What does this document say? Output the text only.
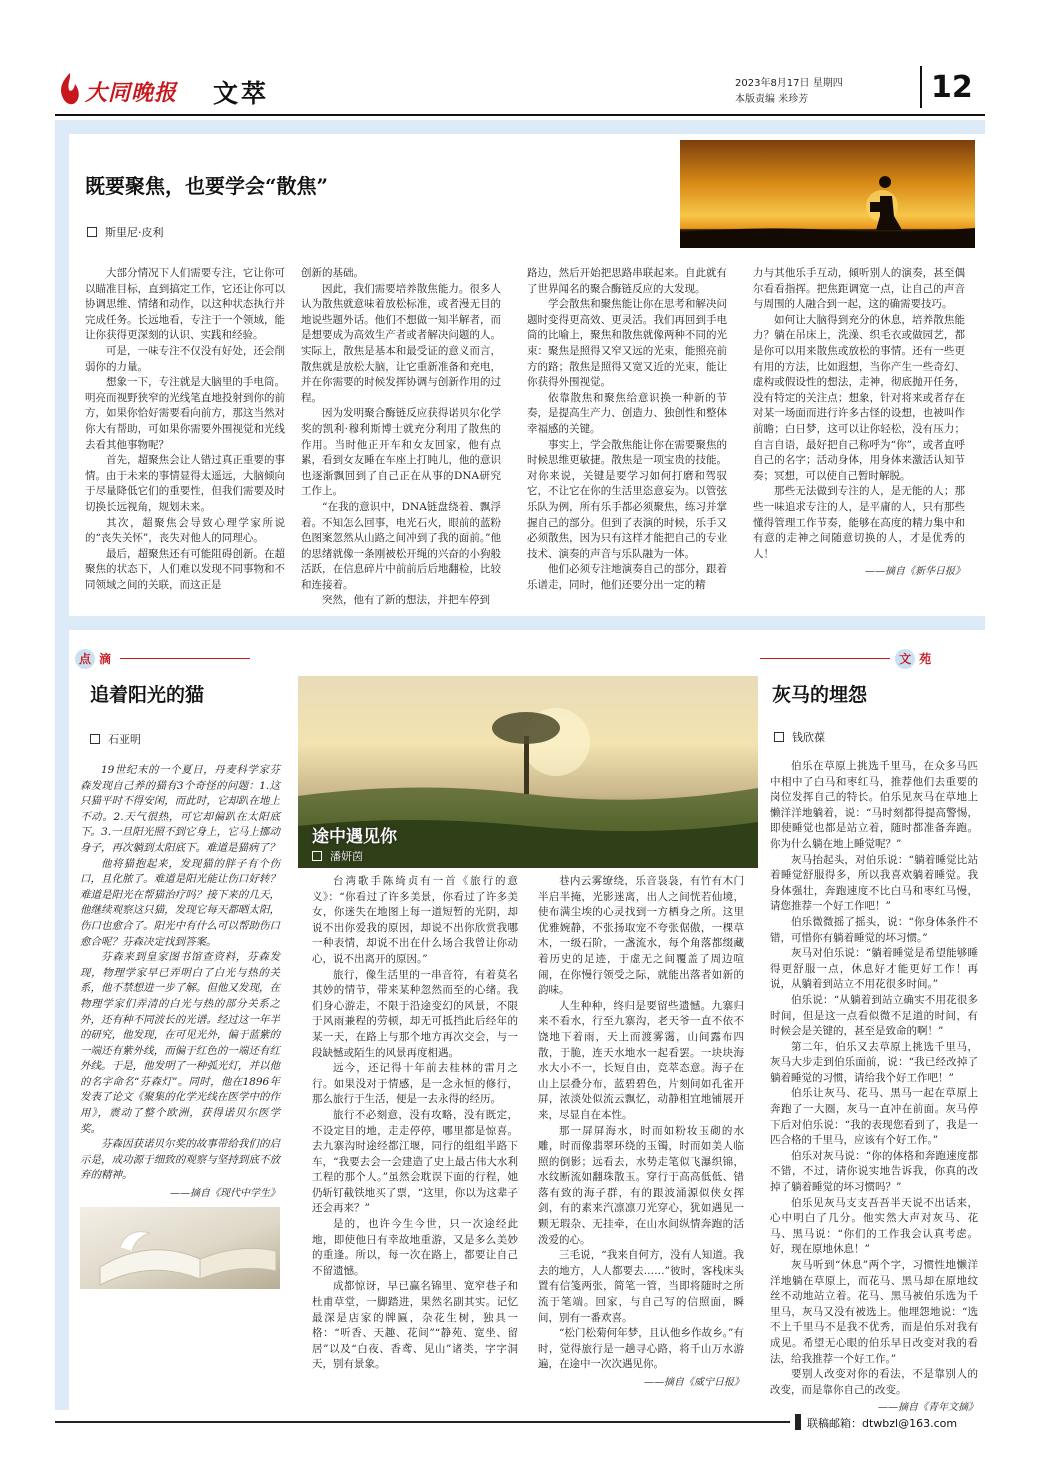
大同晚报 文萃	2023年8月17日 星期四
本版责编 米珍芳	12
既要聚焦，也要学会“散焦”
斯里尼·皮利

大部分情况下人们需要专注，它让你可以瞄准目标，直到搞定工作，它还让你可以协调思维、情绪和动作，以这种状态执行并完成任务。长远地看，专注于一个领域，能让你获得更深刻的认识、实践和经验。

可是，一味专注不仅没有好处，还会削弱你的力量。

想象一下，专注就是大脑里的手电筒。明亮而视野狭窄的光线笔直地投射到你的前方，如果你恰好需要看向前方，那这当然对你大有帮助，可如果你需要外围视觉和光线去看其他事物呢？

首先，超聚焦会让人错过真正重要的事情。由于未来的事情显得太遥远，大脑倾向于尽量降低它们的重要性，但我们需要及时切换长远视角，规划未来。

其次，超聚焦会导致心理学家所说的“丧失关怀”，丧失对他人的同理心。

最后，超聚焦还有可能阻碍创新。在超聚焦的状态下，人们难以发现不同事物和不同领域之间的关联，而这正是

创新的基础。

因此，我们需要培养散焦能力。很多人认为散焦就意味着放松标准，或者漫无目的地说些题外话。他们不想做一知半解者，而是想要成为高效生产者或者解决问题的人。实际上，散焦是基本和最受证的意义而言，散焦就是放松大脑，让它重新准备和充电，并在你需要的时候发挥协调与创新作用的过程。

因为发明聚合酶链反应获得诺贝尔化学奖的凯利·穆利斯博士就充分利用了散焦的作用。当时他正开车和女友回家，他有点累，看到女友睡在车座上打盹儿，他的意识也逐渐飘回到了自己正在从事的DNA研究工作上。

“在我的意识中，DNA链盘绕着、飘浮着。不知怎么回事，电光石火，眼前的蓝粉色图案忽然从山路之间冲到了我的面前。”他的思绪就像一条刚被松开绳的兴奋的小狗般活跃，在信息碎片中前前后后地翻检，比较和连接着。

突然，他有了新的想法，并把车停到

路边，然后开始把思路串联起来。自此就有了世界闻名的聚合酶链反应的大发现。

学会散焦和聚焦能让你在思考和解决问题时变得更高效、更灵活。我们再回到手电筒的比喻上，聚焦和散焦就像两种不同的光束：聚焦是照得又窄又远的光束，能照亮前方的路；散焦是照得又宽又近的光束，能让你获得外围视觉。

依靠散焦和聚焦给意识换一种新的节奏，是提高生产力、创造力、独创性和整体幸福感的关键。

事实上，学会散焦能让你在需要聚焦的时候思维更敏捷。散焦是一项宝贵的技能。对你来说，关键是要学习如何打磨和驾驭它，不让它在你的生活里恣意妄为。以管弦乐队为例，所有乐手都必须聚焦，练习并掌握自己的部分。但到了表演的时候，乐手又必须散焦，因为只有这样才能把自己的专业技术、演奏的声音与乐队融为一体。

他们必须专注地演奏自己的部分，跟着乐谱走，同时，他们还要分出一定的精

力与其他乐手互动，倾听别人的演奏，甚至偶尔看看指挥。把焦距调宽一点，让自己的声音与周围的人融合到一起，这的确需要技巧。

如何让大脑得到充分的休息，培养散焦能力？躺在吊床上，洗澡、织毛衣或做园艺，都是你可以用来散焦或放松的事情。还有一些更有用的方法，比如遐想，当你产生一些奇幻、虚构或假设性的想法，走神，彻底抛开任务，没有特定的关注点；想象，针对将来或者存在对某一场面而进行许多古怪的设想，也被叫作前瞻；白日梦，这可以让你轻松，没有压力；自言自语，最好把自己称呼为“你”，或者直呼自己的名字；活动身体，用身体来激活认知节奏；冥想，可以使自己暂时解脱。

那些无法做到专注的人，是无能的人；那些一味追求专注的人，是平庸的人，只有那些懂得管理工作节奏，能够在高度的精力集中和有意的走神之间随意切换的人，才是优秀的人！

——摘自《新华日报》

点 滴	文 苑
追着阳光的猫
石亚明

19世纪末的一个夏日，丹麦科学家芬森发现自己养的猫有3个奇怪的问题：1.这只猫平时不得安闲，而此时，它却趴在地上不动。2.天气很热，可它却偏趴在太阳底下。3.一旦阳光照不到它身上，它马上挪动身子，再次躺到太阳底下。难道是猫病了？

他将猫抱起来，发现猫的胖子有个伤口，且化脓了。难道是阳光能让伤口好转？难道是阳光在帮猫治疗吗？接下来的几天，他继续观察这只猫，发现它每天都晒太阳，伤口也愈合了。阳光中有什么可以帮助伤口愈合呢？芬森决定找到答案。

芬森来到皇家图书馆查资料，芬森发现，物理学家早已弄明白了白光与热的关系，他不禁想进一步了解。但他又发现，在物理学家们弄清的白光与热的部分关系之外，还有种不同波长的光谱。经过这一年半的研究，他发现，在可见光外，偏于蓝紫的一端还有紫外线，而偏于红色的一端还有红外线。于是，他发明了一种弧光灯，并以他的名字命名“芬森灯”。同时，他在1896年发表了论文《聚集的化学光线在医学中的作用》，震动了整个欧洲，获得诺贝尔医学奖。

芬森因获诺贝尔奖的故事带给我们的启示是，成功源于细致的观察与坚持到底不放弃的精神。

——摘自《现代中学生》

途中遇见你
潘妍茵

台湾歌手陈绮贞有一首《旅行的意义》：“你看过了许多美景，你看过了许多美女，你迷失在地图上每一道短暂的光阴，却说不出你爱我的原因，却说不出你欣赏我哪一种表情，却说不出在什么场合我曾让你动心，说不出离开的原因。”

旅行，像生活里的一串音符，有着莫名其妙的情节，带来某种忽然而至的心绪。我们身心游走，不限于沿途变幻的风景，不限于风雨兼程的劳顿，却无可抵挡此后经年的某一天，在路上与那个地方再次交会，与一段缺憾或陌生的风景再度相遇。

远今，还记得十年前去桂林的雷月之行。如果没对于情感，是一念永恒的修行，那么旅行于生活，便是一去永得的经历。

旅行不必刻意，没有攻略，没有既定，不设定目的地，走走停停，哪里都是惊喜。去九寨沟时途经都江堰，同行的组组半路下车，“我要去会一会建造了史上最古伟大水利工程的那个人。”虽然会耽误下面的行程，她仍斩钉截铁地买了票，“这里，你以为这辈子还会再来？”

是的，也许今生今世，只一次途经此地，即使他日有幸故地重游，又是多么美妙的重逢。所以，每一次在路上，都要让自己不留遗憾。

成都惊讶，早已赢名锦里、宽窄巷子和杜甫草堂，一脚踏进，果然名副其实。记忆最深是店家的牌匾，杂花生树，独具一格：“听香、天趣、花间”“静苑、宽坐、留居”以及“白夜、香鸢、见山”诸类，字字洞天，别有景象。

巷内云雾缭绕，乐音袅袅，有竹有木门半启半掩，光影迷离，出人之间恍若仙境，使布满尘埃的心灵找到一方栖身之所。这里优雅婉静，不张扬取宠不夸张倨傲，一棵草木，一级石阶，一盏流水，每个角落都缀藏着历史的足迹，于虚无之间覆盖了周边喧闹，在你慢行领受之际，就能出落者如新的韵味。

人生种种，终归是要留些遗憾。九寨归来不看水，行至九寨沟，老天爷一直不依不饶地下着雨，天上而渡雾霭，山间露布四散，于脆，连天水地水一起看罢。一块块海水大小不一，长短自由，竞萃态意。海子在山上层叠分布，蓝碧碧色，片刻间如孔雀开屏，浓淡处似流云飘忆，动静相宜地铺展开来，尽显自在本性。

那一屏屏海水，时而如粉妆玉砌的水雕，时而像翡翠环绕的玉镯，时而如美人临照的倒影；远看去，水势走笔似飞瀑织锦，水纹断流如翻珠散玉。穿行于高高低低、错落有致的海子群，有的跟波涌源似侠女挥剑，有的素来汽凛凛刀光穿心，犹如遇见一颗无瑕杂、无挂牵，在山水间纵情奔跑的活泼爱的心。

三毛说，“我来自何方，没有人知道。我去的地方，人人都要去……”彼时，客栈床头置有信笺两张，简笔一管，当即将随时之所流于笔端。回家，与自己写的信照面，瞬间，别有一番欢喜。

“松门松菊何年梦，且认他乡作故乡。”有时，觉得旅行是一趟寻心路，将千山万水游遍，在途中一次次遇见你。

——摘自《威宁日报》

灰马的埋怨
钱欣葆

伯乐在草原上挑选千里马，在众多马匹中相中了白马和枣红马，推荐他们去重要的岗位发挥自己的特长。伯乐见灰马在草地上懒洋洋地躺着，说：“马时刻都得提高警惕，即使睡觉也都是站立着，随时都准备奔跑。你为什么躺在地上睡觉呢？”

灰马抬起头，对伯乐说：“躺着睡觉比站着睡觉舒服得多，所以我喜欢躺着睡觉。我身体强壮，奔跑速度不比白马和枣红马慢，请您推荐一个好工作吧！”

伯乐微微摇了摇头，说：“你身体条件不错，可惜你有躺着睡觉的坏习惯。”

灰马对伯乐说：“躺着睡觉是希望能够睡得更舒服一点，休息好才能更好工作！再说，从躺着到站立不用花很多时间。”

伯乐说：“从躺着到站立确实不用花很多时间，但是这一点看似微不足道的时间，有时候会是关键的，甚至是致命的啊！”

第二年，伯乐又去草原上挑选千里马，灰马大步走到伯乐面前，说：“我已经改掉了躺着睡觉的习惯，请给我个好工作吧！”

伯乐让灰马、花马、黑马一起在草原上奔跑了一大圈，灰马一直冲在前面。灰马停下后对伯乐说：“我的表现您看到了，我是一匹合格的千里马，应该有个好工作。”

伯乐对灰马说：“你的体格和奔跑速度都不错，不过，请你说实地告诉我，你真的改掉了躺着睡觉的坏习惯吗？”

伯乐见灰马支支吾吾半天说不出话来，心中明白了几分。他实然大声对灰马、花马、黑马说：“你们的工作我会认真考虑。好，现在原地休息！”

灰马听到“休息”两个字，习惯性地懒洋洋地躺在草原上，而花马、黑马却在原地纹丝不动地站立着。花马、黑马被伯乐选为千里马，灰马又没有被选上。他埋怨地说：“选不上千里马不是我不优秀，而是伯乐对我有成见。希望无心眼的伯乐早日改变对我的看法，给我推荐一个好工作。”

要别人改变对你的看法，不是靠别人的改变，而是靠你自己的改变。

——摘自《青年文摘》

联稿邮箱：dtwbzl@163.com
